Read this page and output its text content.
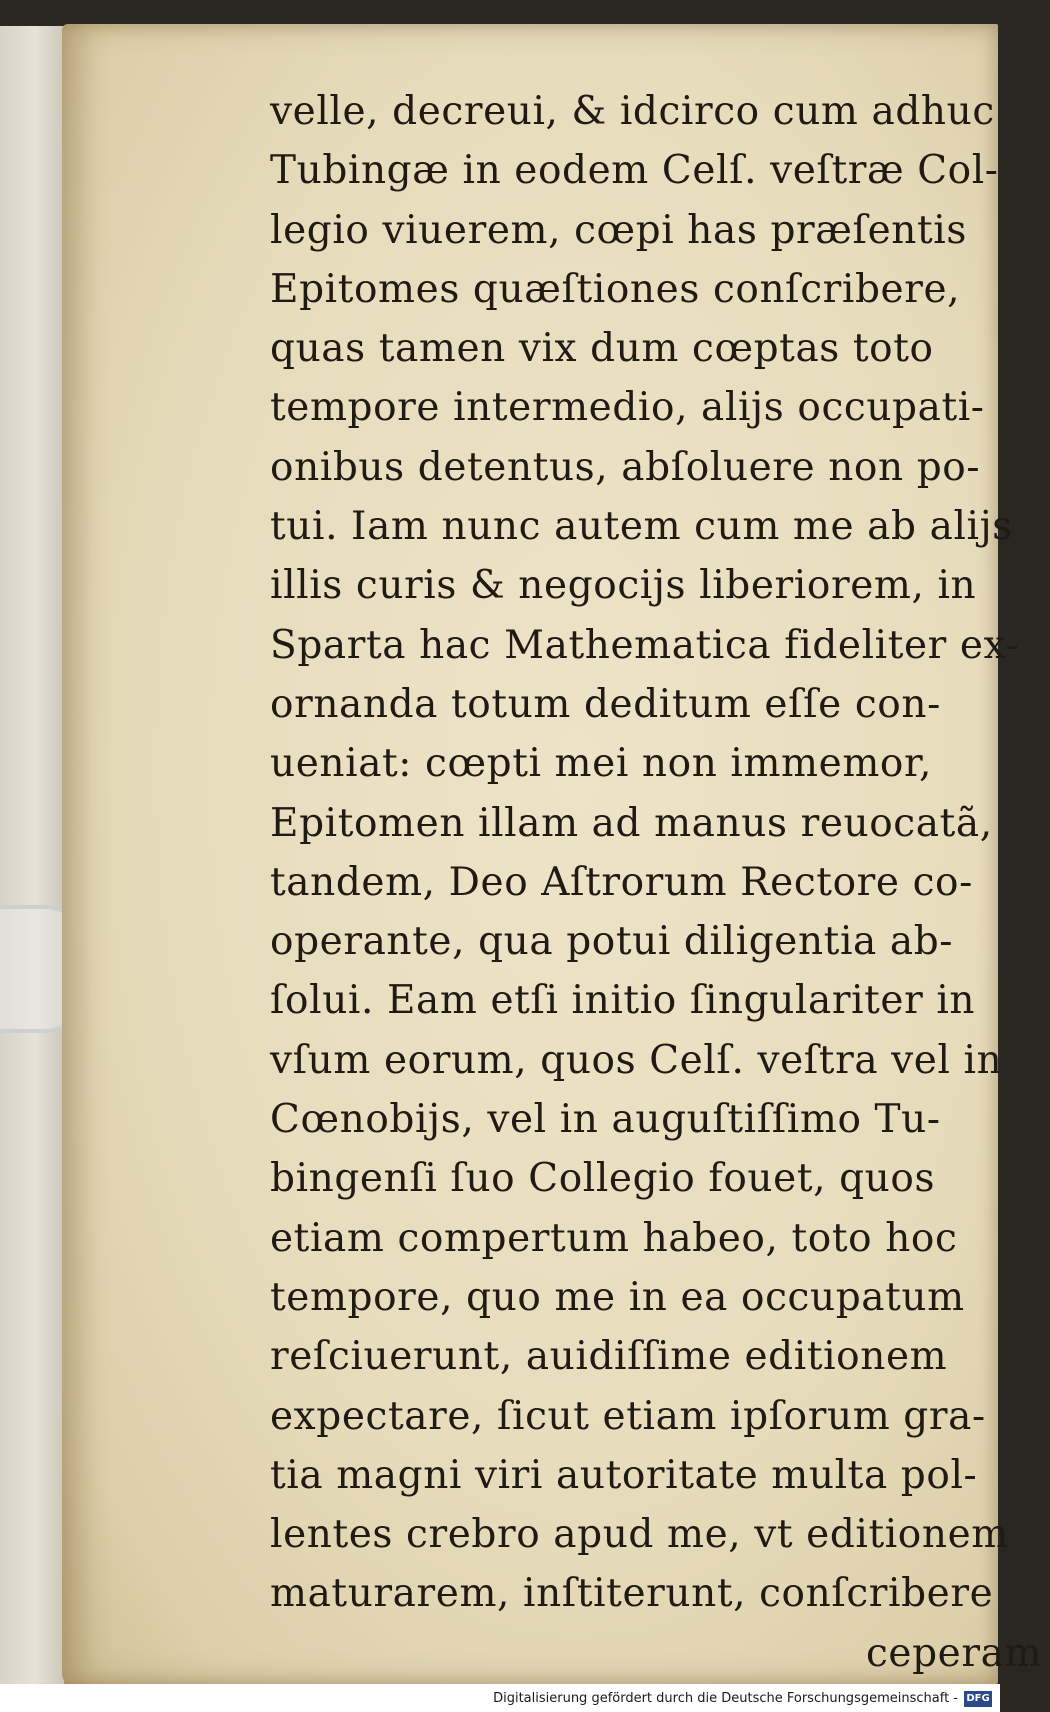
velle, decreui, & idcirco cum adhuc
Tubingæ in eodem Celſ. veſtræ Col-
legio viuerem, cœpi has præſentis
Epitomes quæſtiones conſcribere,
quas tamen vix dum cœptas toto
tempore intermedio, alijs occupati-
onibus detentus, abſoluere non po-
tui. Iam nunc autem cum me ab alijs
illis curis & negocijs liberiorem, in
Sparta hac Mathematica fideliter ex-
ornanda totum deditum eſſe con-
ueniat: cœpti mei non immemor,
Epitomen illam ad manus reuocatã,
tandem, Deo Aſtrorum Rectore co-
operante, qua potui diligentia ab-
ſolui. Eam etſi initio ſingulariter in
vſum eorum, quos Celſ. veſtra vel in
Cœnobijs, vel in auguſtiſſimo Tu-
bingenſi ſuo Collegio fouet, quos
etiam compertum habeo, toto hoc
tempore, quo me in ea occupatum
reſciuerunt, auidiſſime editionem
expectare, ſicut etiam ipſorum gra-
tia magni viri autoritate multa pol-
lentes crebro apud me, vt editionem
maturarem, inſtiterunt, conſcribere
ceperam
Digitalisierung gefördert durch die Deutsche Forschungsgemeinschaft - DFG
